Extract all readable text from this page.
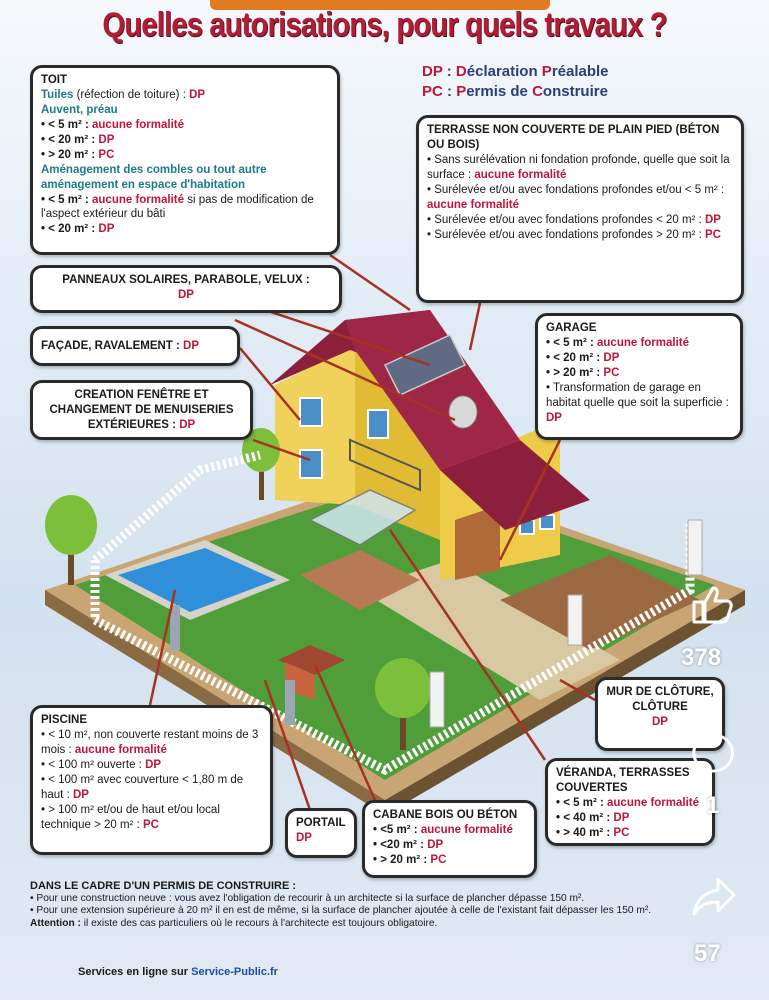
Quelles autorisations, pour quels travaux ?
DP : Déclaration Préalable
PC : Permis de Construire
TOIT
Tuiles (réfection de toiture) : DP
Auvent, préau
• < 5 m² : aucune formalité
• < 20 m² : DP
• > 20 m² : PC
Aménagement des combles ou tout autre aménagement en espace d'habitation
• < 5 m² : aucune formalité si pas de modification de l'aspect extérieur du bâti
• < 20 m² : DP
PANNEAUX SOLAIRES, PARABOLE, VELUX :
DP
FAÇADE, RAVALEMENT : DP
CREATION FENÊTRE ET CHANGEMENT DE MENUISERIES EXTÉRIEURES : DP
TERRASSE NON COUVERTE DE PLAIN PIED (BÉTON OU BOIS)
• Sans surélévation ni fondation profonde, quelle que soit la surface : aucune formalité
• Surélevée et/ou avec fondations profondes et/ou < 5 m² : aucune formalité
• Surélevée et/ou avec fondations profondes < 20 m² : DP
• Surélevée et/ou avec fondations profondes > 20 m² : PC
GARAGE
• < 5 m² : aucune formalité
• < 20 m² : DP
• > 20 m² : PC
• Transformation de garage en habitat quelle que soit la superficie : DP
MUR DE CLÔTURE, CLÔTURE
DP
VÉRANDA, TERRASSES COUVERTES
• < 5 m² : aucune formalité
• < 40 m² : DP
• > 40 m² : PC
PISCINE
• < 10 m², non couverte restant moins de 3 mois : aucune formalité
• < 100 m² ouverte : DP
• < 100 m² avec couverture < 1,80 m de haut : DP
• > 100 m² et/ou de haut et/ou local technique > 20 m² : PC	PORTAIL
DP
CABANE BOIS OU BÉTON
• <5 m² : aucune formalité
• <20 m² : DP
• > 20 m² : PC
DANS LE CADRE D'UN PERMIS DE CONSTRUIRE :
• Pour une construction neuve : vous avez l'obligation de recourir à un architecte si la surface de plancher dépasse 150 m².
• Pour une extension supérieure à 20 m² il en est de même, si la surface de plancher ajoutée à celle de l'existant fait dépasser les 150 m².
Attention : il existe des cas particuliers où le recours à l'architecte est toujours obligatoire.
Services en ligne sur Service-Public.fr
378
1
57
